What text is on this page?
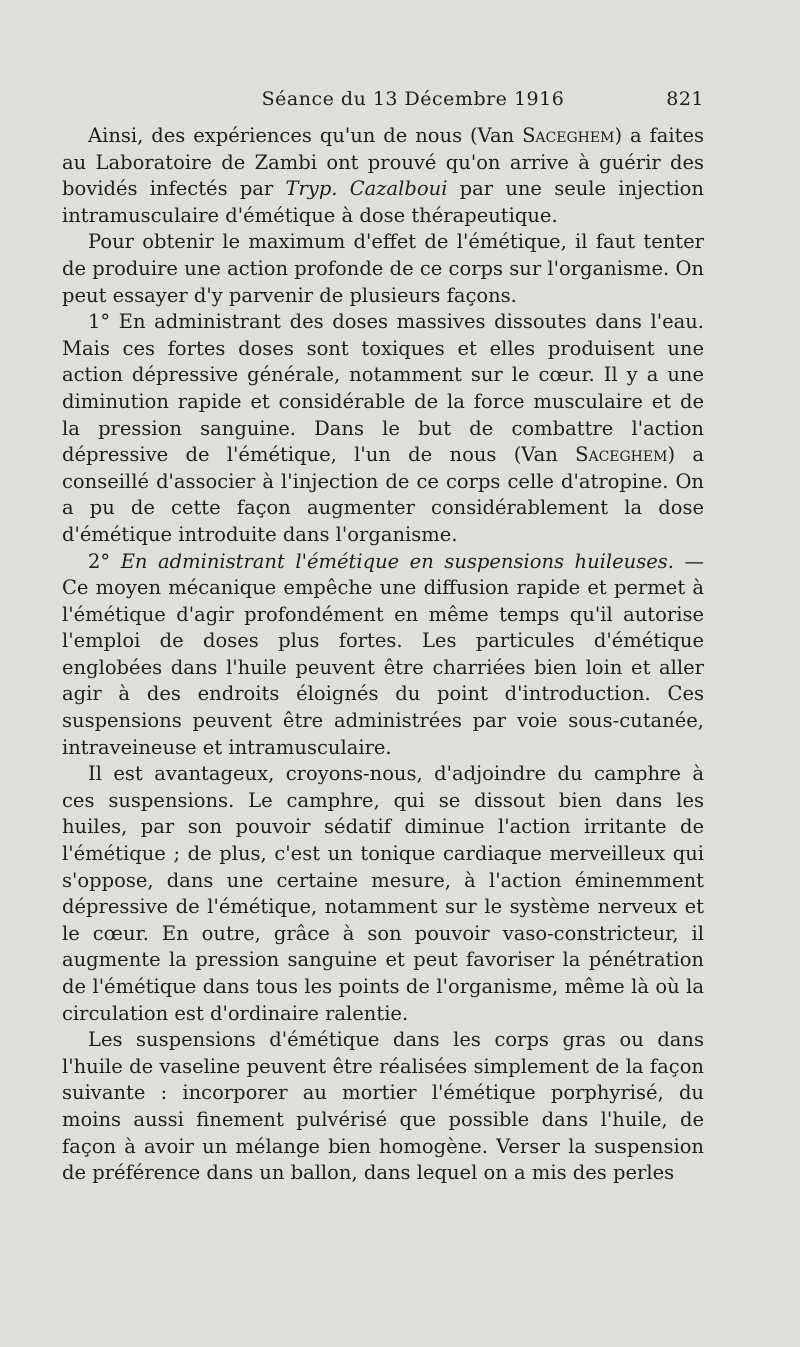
Séance du 13 Décembre 1916	821

Ainsi, des expériences qu'un de nous (Van Saceghem) a faites au Laboratoire de Zambi ont prouvé qu'on arrive à guérir des bovidés infectés par Tryp. Cazalboui par une seule injection intramusculaire d'émétique à dose thérapeutique.

Pour obtenir le maximum d'effet de l'émétique, il faut tenter de produire une action profonde de ce corps sur l'organisme. On peut essayer d'y parvenir de plusieurs façons.

1° En administrant des doses massives dissoutes dans l'eau. Mais ces fortes doses sont toxiques et elles produisent une action dépressive générale, notamment sur le cœur. Il y a une diminution rapide et considérable de la force musculaire et de la pression sanguine. Dans le but de combattre l'action dépressive de l'émétique, l'un de nous (Van Saceghem) a conseillé d'associer à l'injection de ce corps celle d'atropine. On a pu de cette façon augmenter considérablement la dose d'émétique introduite dans l'organisme.

2° En administrant l'émétique en suspensions huileuses. — Ce moyen mécanique empêche une diffusion rapide et permet à l'émétique d'agir profondément en même temps qu'il autorise l'emploi de doses plus fortes. Les particules d'émétique englobées dans l'huile peuvent être charriées bien loin et aller agir à des endroits éloignés du point d'introduction. Ces suspensions peuvent être administrées par voie sous-cutanée, intraveineuse et intramusculaire.

Il est avantageux, croyons-nous, d'adjoindre du camphre à ces suspensions. Le camphre, qui se dissout bien dans les huiles, par son pouvoir sédatif diminue l'action irritante de l'émétique ; de plus, c'est un tonique cardiaque merveilleux qui s'oppose, dans une certaine mesure, à l'action éminemment dépressive de l'émétique, notamment sur le système nerveux et le cœur. En outre, grâce à son pouvoir vaso-constricteur, il augmente la pression sanguine et peut favoriser la pénétration de l'émétique dans tous les points de l'organisme, même là où la circulation est d'ordinaire ralentie.

Les suspensions d'émétique dans les corps gras ou dans l'huile de vaseline peuvent être réalisées simplement de la façon suivante : incorporer au mortier l'émétique porphyrisé, du moins aussi finement pulvérisé que possible dans l'huile, de façon à avoir un mélange bien homogène. Verser la suspension de préférence dans un ballon, dans lequel on a mis des perles
